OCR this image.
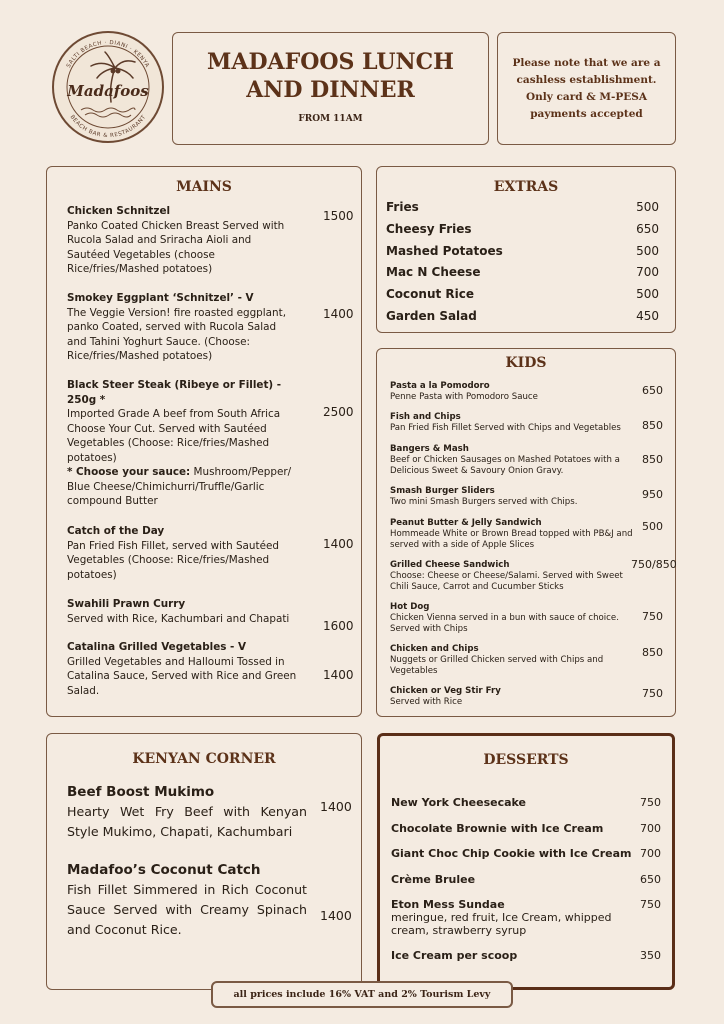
SALTI BEACH · DIANI · KENYA
BEACH BAR & RESTAURANT
Madafoos
MADAFOOS LUNCH
AND DINNER
FROM 11AM
Please note that we are a
cashless establishment.
Only card & M-PESA
payments accepted
MAINS
Chicken Schnitzel
Panko Coated Chicken Breast Served with Rucola Salad and Sriracha Aioli and Sautéed Vegetables (choose Rice/fries/Mashed potatoes)
1500
Smokey Eggplant ‘Schnitzel’ - V
The Veggie Version! fire roasted eggplant, panko Coated, served with Rucola Salad and Tahini Yoghurt Sauce. (Choose: Rice/fries/Mashed potatoes)
1400
Black Steer Steak (Ribeye or Fillet) - 250g *
Imported Grade A beef from South Africa Choose Your Cut. Served with Sautéed Vegetables (Choose: Rice/fries/Mashed potatoes)
2500
* Choose your sauce: Mushroom/Pepper/ Blue Cheese/Chimichurri/Truffle/Garlic compound Butter
Catch of the Day
Pan Fried Fish Fillet, served with Sautéed Vegetables (Choose: Rice/fries/Mashed potatoes)
1400
Swahili Prawn Curry
Served with Rice, Kachumbari and Chapati
1600
Catalina Grilled Vegetables - V
Grilled Vegetables and Halloumi Tossed in Catalina Sauce, Served with Rice and Green Salad.
1400
EXTRAS
Fries	500
Cheesy Fries	650
Mashed Potatoes	500
Mac N Cheese	700
Coconut Rice	500
Garden Salad	450
KIDS
Pasta a la Pomodoro
Penne Pasta with Pomodoro Sauce	650
Fish and Chips
Pan Fried Fish Fillet Served with Chips and Vegetables	850
Bangers & Mash
Beef or Chicken Sausages on Mashed Potatoes with a Delicious Sweet & Savoury Onion Gravy.
850
Smash Burger Sliders
Two mini Smash Burgers served with Chips.
950
Peanut Butter & Jelly Sandwich
Hommeade White or Brown Bread topped with PB&J and served with a side of Apple Slices
500
Grilled Cheese Sandwich
Choose: Cheese or Cheese/Salami. Served with Sweet Chili Sauce, Carrot and Cucumber Sticks
750/850
Hot Dog
Chicken Vienna served in a bun with sauce of choice. Served with Chips
750
Chicken and Chips
Nuggets or Grilled Chicken served with Chips and Vegetables
850
Chicken or Veg Stir Fry
Served with Rice
750
KENYAN CORNER
Beef Boost Mukimo
Hearty Wet Fry Beef with Kenyan Style Mukimo, Chapati, Kachumbari
1400
Madafoo’s Coconut Catch
Fish Fillet Simmered in Rich Coconut Sauce Served with Creamy Spinach and Coconut Rice.
1400
DESSERTS
New York Cheesecake	750
Chocolate Brownie with Ice Cream	700
Giant Choc Chip Cookie with Ice Cream 700
Crème Brulee	650
Eton Mess Sundae
meringue, red fruit, Ice Cream, whipped cream, strawberry syrup
750
Ice Cream per scoop	350
all prices include 16% VAT and 2% Tourism Levy
